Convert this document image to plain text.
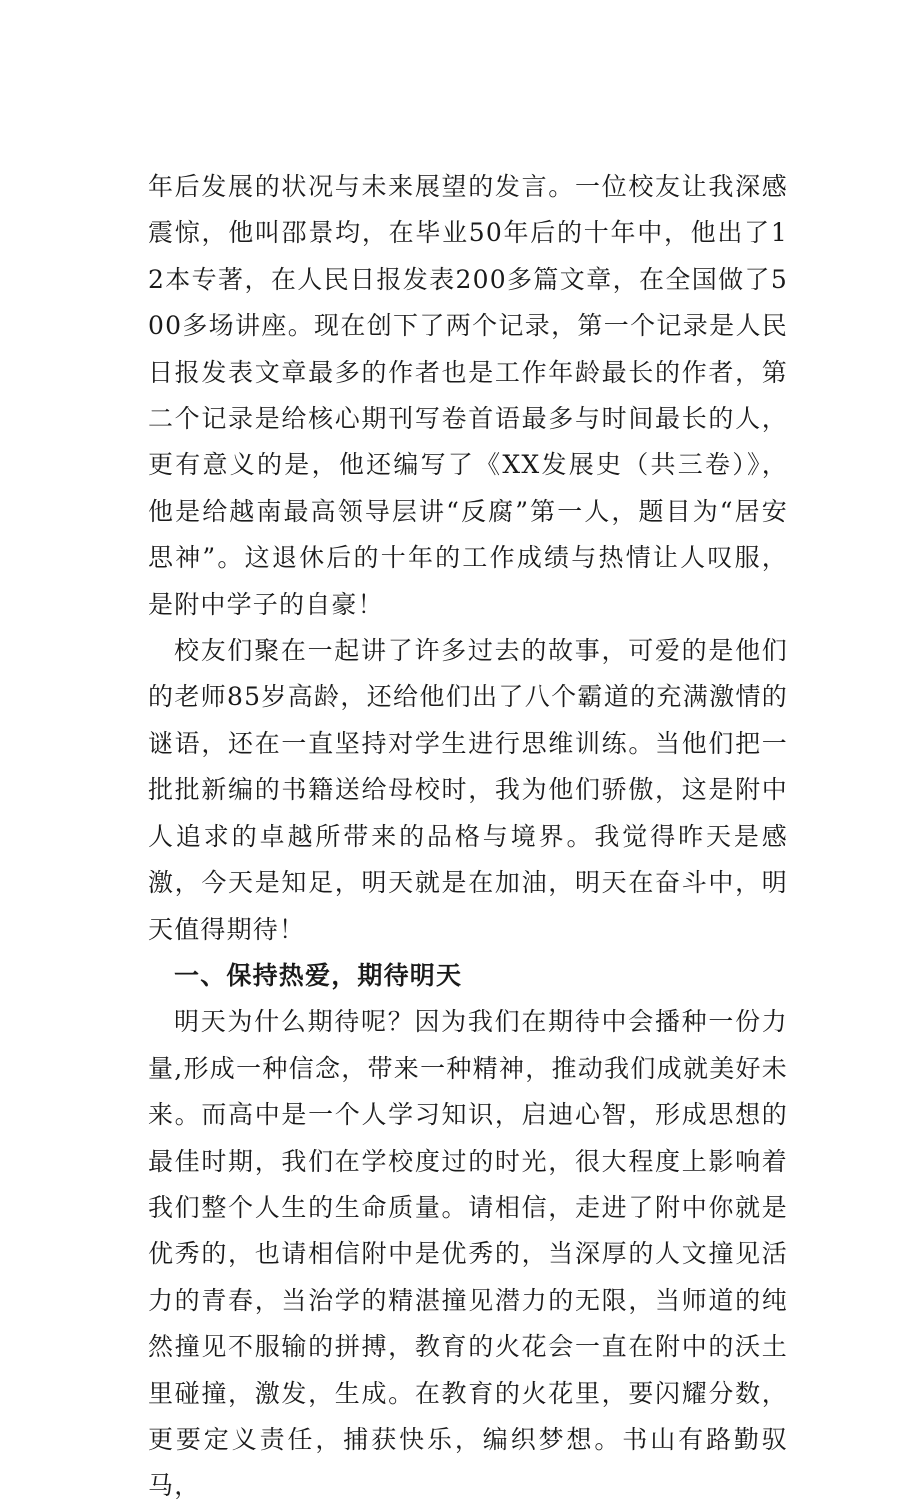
年后发展的状况与未来展望的发言。一位校友让我深感震惊，他叫邵景均，在毕业50年后的十年中，他出了12本专著，在人民日报发表200多篇文章，在全国做了500多场讲座。现在创下了两个记录，第一个记录是人民日报发表文章最多的作者也是工作年龄最长的作者，第二个记录是给核心期刊写卷首语最多与时间最长的人，更有意义的是，他还编写了《XX发展史（共三卷）》，他是给越南最高领导层讲“反腐”第一人，题目为“居安思神”。这退休后的十年的工作成绩与热情让人叹服，是附中学子的自豪！

校友们聚在一起讲了许多过去的故事，可爱的是他们的老师85岁高龄，还给他们出了八个霸道的充满激情的谜语，还在一直坚持对学生进行思维训练。当他们把一批批新编的书籍送给母校时，我为他们骄傲，这是附中人追求的卓越所带来的品格与境界。我觉得昨天是感激，今天是知足，明天就是在加油，明天在奋斗中，明天值得期待！

一、保持热爱，期待明天

明天为什么期待呢？因为我们在期待中会播种一份力量,形成一种信念，带来一种精神，推动我们成就美好未来。而高中是一个人学习知识，启迪心智，形成思想的最佳时期，我们在学校度过的时光，很大程度上影响着我们整个人生的生命质量。请相信，走进了附中你就是优秀的，也请相信附中是优秀的，当深厚的人文撞见活力的青春，当治学的精湛撞见潜力的无限，当师道的纯然撞见不服输的拼搏，教育的火花会一直在附中的沃土里碰撞，激发，生成。在教育的火花里，要闪耀分数，更要定义责任，捕获快乐，编织梦想。书山有路勤驭马，
